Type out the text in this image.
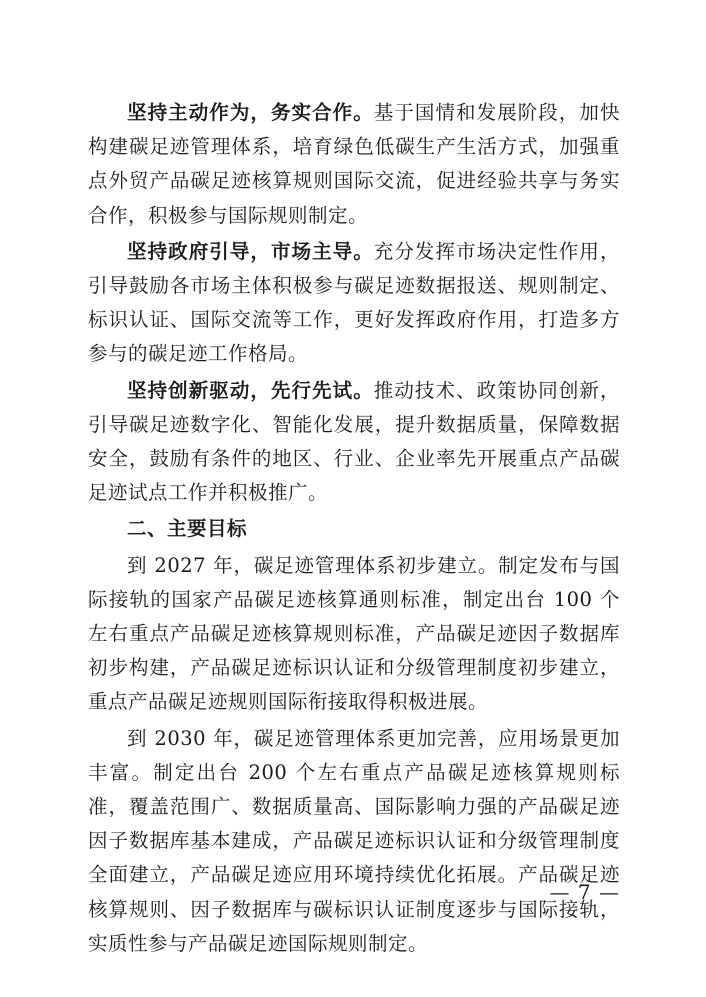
坚持主动作为，务实合作。基于国情和发展阶段，加快构建碳足迹管理体系，培育绿色低碳生产生活方式，加强重点外贸产品碳足迹核算规则国际交流，促进经验共享与务实合作，积极参与国际规则制定。

坚持政府引导，市场主导。充分发挥市场决定性作用，引导鼓励各市场主体积极参与碳足迹数据报送、规则制定、标识认证、国际交流等工作，更好发挥政府作用，打造多方参与的碳足迹工作格局。

坚持创新驱动，先行先试。推动技术、政策协同创新，引导碳足迹数字化、智能化发展，提升数据质量，保障数据安全，鼓励有条件的地区、行业、企业率先开展重点产品碳足迹试点工作并积极推广。

二、主要目标

到 2027 年，碳足迹管理体系初步建立。制定发布与国际接轨的国家产品碳足迹核算通则标准，制定出台 100 个左右重点产品碳足迹核算规则标准，产品碳足迹因子数据库初步构建，产品碳足迹标识认证和分级管理制度初步建立，重点产品碳足迹规则国际衔接取得积极进展。

到 2030 年，碳足迹管理体系更加完善，应用场景更加丰富。制定出台 200 个左右重点产品碳足迹核算规则标准，覆盖范围广、数据质量高、国际影响力强的产品碳足迹因子数据库基本建成，产品碳足迹标识认证和分级管理制度全面建立，产品碳足迹应用环境持续优化拓展。产品碳足迹核算规则、因子数据库与碳标识认证制度逐步与国际接轨，实质性参与产品碳足迹国际规则制定。

— 7 —
